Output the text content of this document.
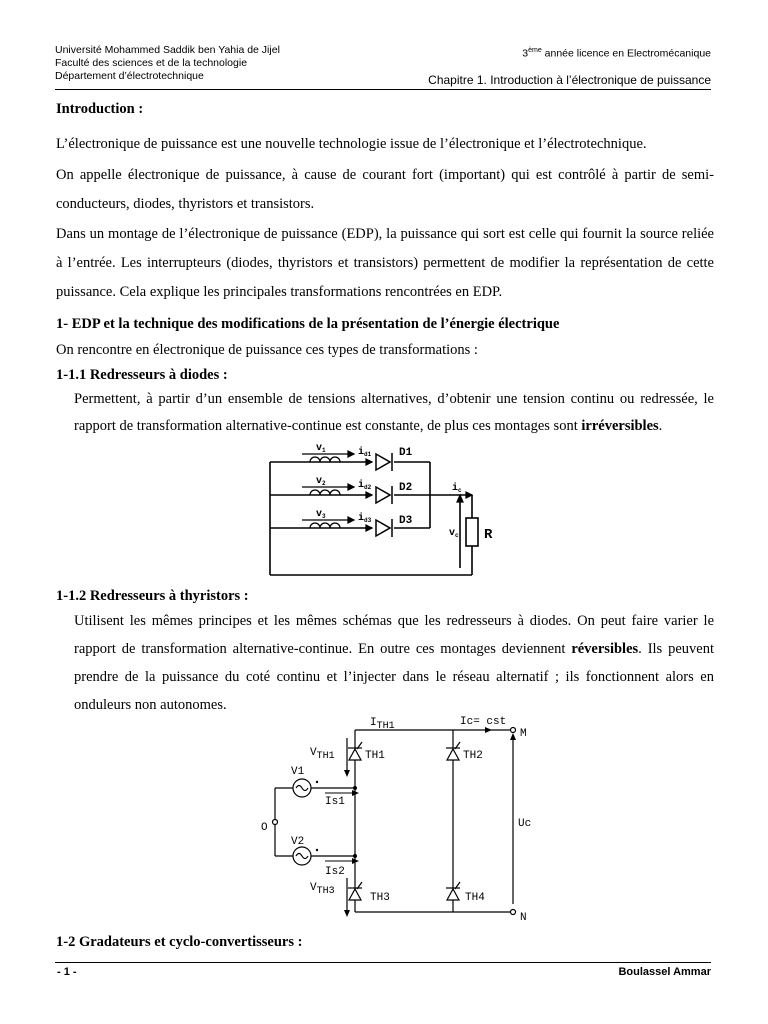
Université Mohammed Saddik ben Yahia de Jijel
Faculté des sciences et de la technologie
Département d’électrotechnique
3ème année licence en Electromécanique
Chapitre 1. Introduction à l’électronique de puissance
Introduction :
L’électronique de puissance est une nouvelle technologie issue de l’électronique et l’électrotechnique.
On appelle électronique de puissance, à cause de courant fort (important) qui est contrôlé à partir de semi-conducteurs, diodes, thyristors et transistors.
Dans un montage de l’électronique de puissance (EDP), la puissance qui sort est celle qui fournit la source reliée à l’entrée. Les interrupteurs (diodes, thyristors et transistors) permettent de modifier la représentation de cette puissance. Cela explique les principales transformations rencontrées en EDP.
1- EDP et la technique des modifications de la présentation de l’énergie électrique
On rencontre en électronique de puissance ces types de transformations :
1-1.1 Redresseurs à diodes :
Permettent, à partir d’un ensemble de tensions alternatives, d’obtenir une tension continu ou redressée, le rapport de transformation alternative-continue est constante, de plus ces montages sont irréversibles.
$v_1$
$v_2$
$v_3$
$i_{d1}$
$i_{d2}$
$i_{d3}$
D1
D2
D3
$i_c$
$v_c$ R
1-1.2 Redresseurs à thyristors :
Utilisent les mêmes principes et les mêmes schémas que les redresseurs à diodes. On peut faire varier le rapport de transformation alternative-continue. En outre ces montages deviennent réversibles. Ils peuvent prendre de la puissance du coté continu et l’injecter dans le réseau alternatif ; ils fonctionnent alors en onduleurs non autonomes.
ITH1	Ic= cst
M
N
VTH1	TH1	TH2
V1
Is1
O	Uc
V2
Is2
VTH3
TH3	TH4
1-2 Gradateurs et cyclo-convertisseurs :
- 1 -	Boulassel Ammar
